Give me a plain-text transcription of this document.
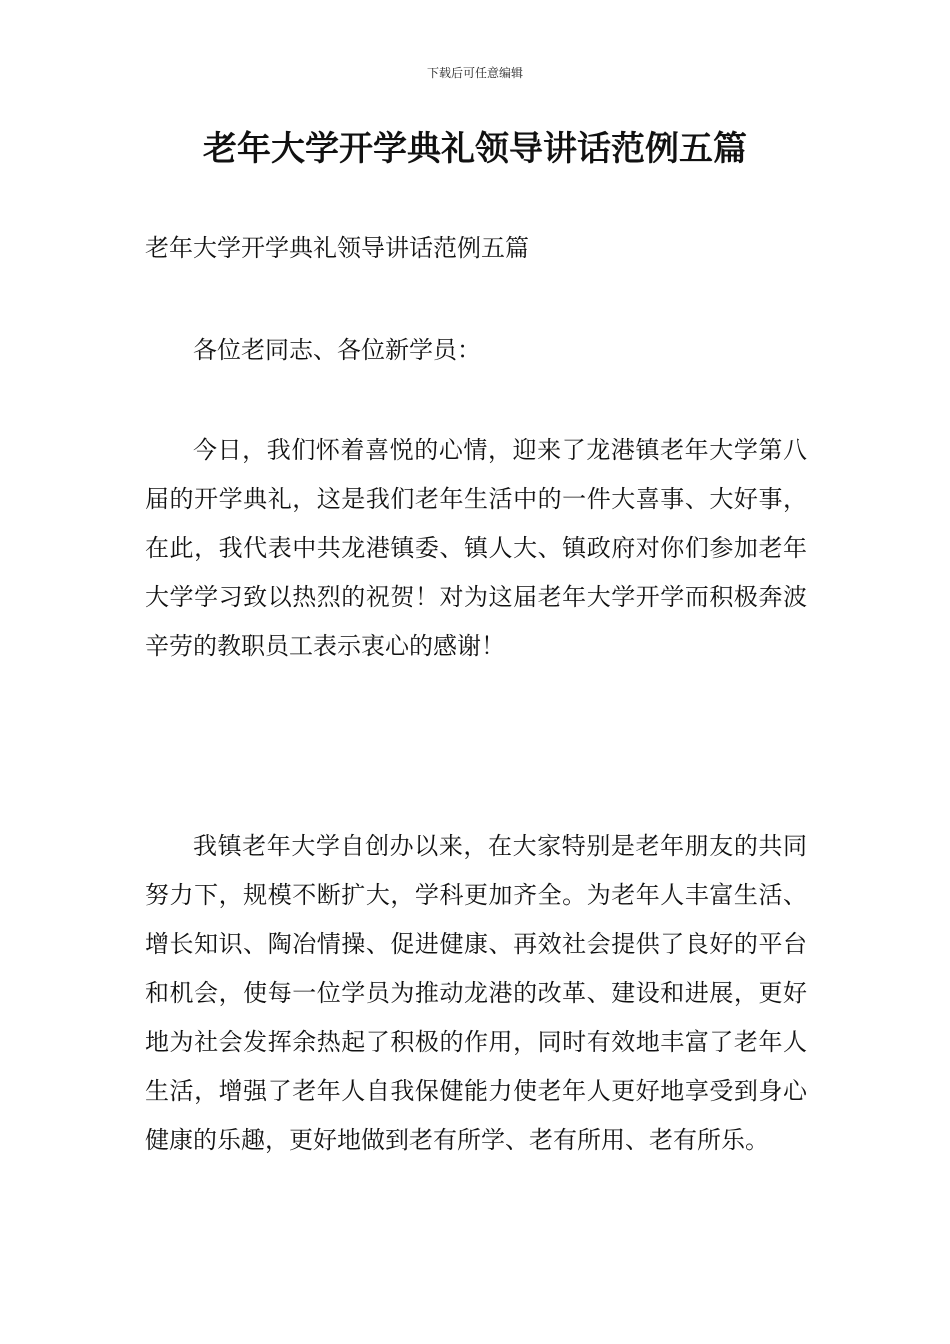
下载后可任意编辑
老年大学开学典礼领导讲话范例五篇
老年大学开学典礼领导讲话范例五篇
各位老同志、各位新学员：
今日，我们怀着喜悦的心情，迎来了龙港镇老年大学第八届的开学典礼，这是我们老年生活中的一件大喜事、大好事，在此，我代表中共龙港镇委、镇人大、镇政府对你们参加老年大学学习致以热烈的祝贺！对为这届老年大学开学而积极奔波辛劳的教职员工表示衷心的感谢！
我镇老年大学自创办以来，在大家特别是老年朋友的共同努力下，规模不断扩大，学科更加齐全。为老年人丰富生活、增长知识、陶冶情操、促进健康、再效社会提供了良好的平台和机会，使每一位学员为推动龙港的改革、建设和进展，更好地为社会发挥余热起了积极的作用，同时有效地丰富了老年人生活，增强了老年人自我保健能力使老年人更好地享受到身心健康的乐趣，更好地做到老有所学、老有所用、老有所乐。
